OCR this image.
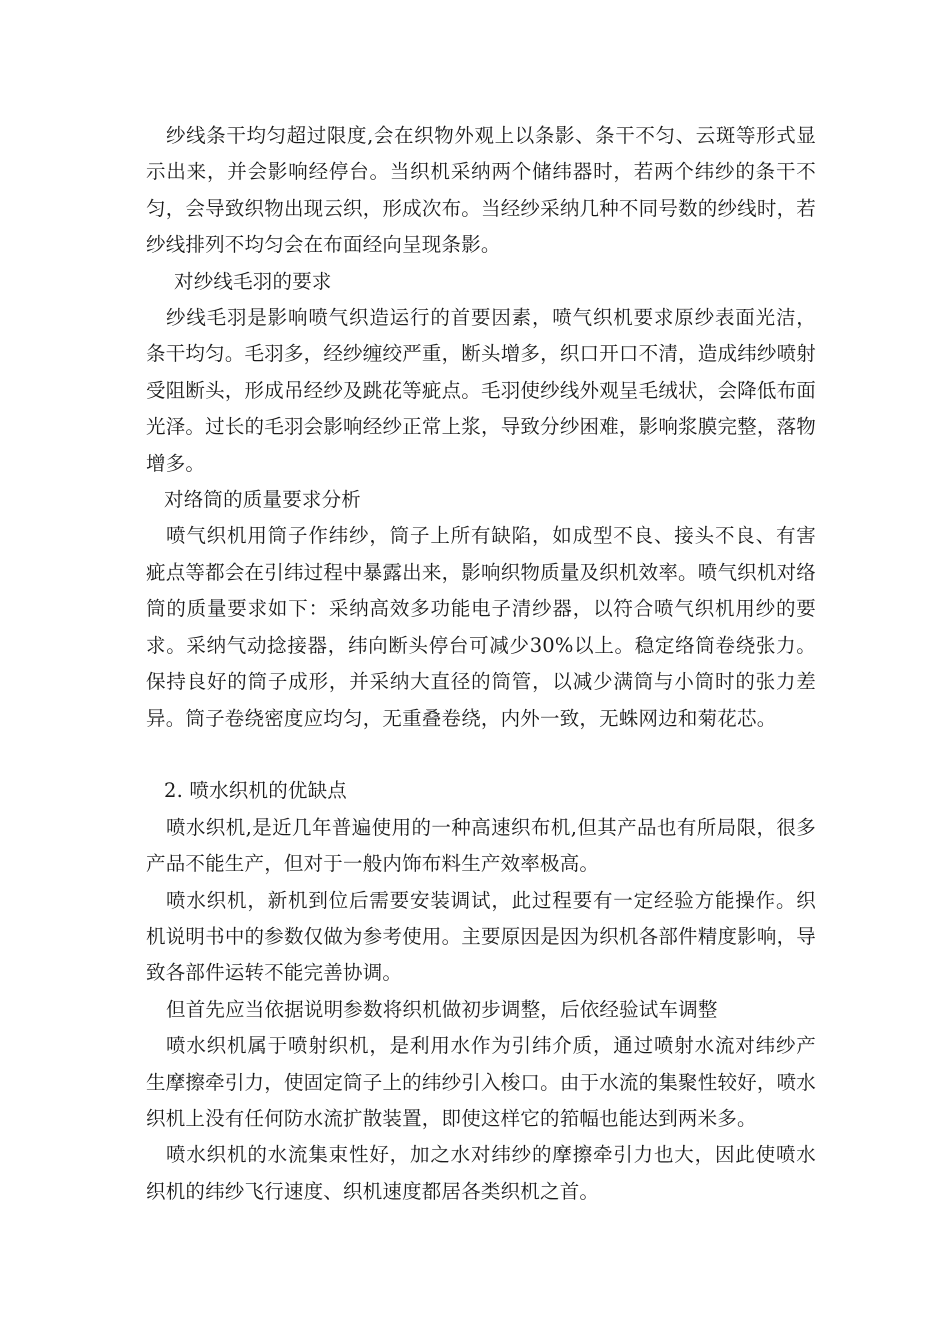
纱线条干均匀超过限度,会在织物外观上以条影、条干不匀、云斑等形式显示出来，并会影响经停台。当织机采纳两个储纬器时，若两个纬纱的条干不匀，会导致织物出现云织，形成次布。当经纱采纳几种不同号数的纱线时，若纱线排列不均匀会在布面经向呈现条影。

对纱线毛羽的要求

纱线毛羽是影响喷气织造运行的首要因素，喷气织机要求原纱表面光洁，条干均匀。毛羽多，经纱缠绞严重，断头增多，织口开口不清，造成纬纱喷射受阻断头，形成吊经纱及跳花等疵点。毛羽使纱线外观呈毛绒状，会降低布面光泽。过长的毛羽会影响经纱正常上浆，导致分纱困难，影响浆膜完整，落物增多。

对络筒的质量要求分析

喷气织机用筒子作纬纱，筒子上所有缺陷，如成型不良、接头不良、有害疵点等都会在引纬过程中暴露出来，影响织物质量及织机效率。喷气织机对络筒的质量要求如下：采纳高效多功能电子清纱器，以符合喷气织机用纱的要求。采纳气动捻接器，纬向断头停台可减少30%以上。稳定络筒卷绕张力。保持良好的筒子成形，并采纳大直径的筒管，以减少满筒与小筒时的张力差异。筒子卷绕密度应均匀，无重叠卷绕，内外一致，无蛛网边和菊花芯。

2. 喷水织机的优缺点

喷水织机,是近几年普遍使用的一种高速织布机,但其产品也有所局限，很多产品不能生产，但对于一般内饰布料生产效率极高。

喷水织机，新机到位后需要安装调试，此过程要有一定经验方能操作。织机说明书中的参数仅做为参考使用。主要原因是因为织机各部件精度影响，导致各部件运转不能完善协调。

但首先应当依据说明参数将织机做初步调整，后依经验试车调整

喷水织机属于喷射织机，是利用水作为引纬介质，通过喷射水流对纬纱产生摩擦牵引力，使固定筒子上的纬纱引入梭口。由于水流的集聚性较好，喷水织机上没有任何防水流扩散装置，即使这样它的筘幅也能达到两米多。

喷水织机的水流集束性好，加之水对纬纱的摩擦牵引力也大，因此使喷水织机的纬纱飞行速度、织机速度都居各类织机之首。
